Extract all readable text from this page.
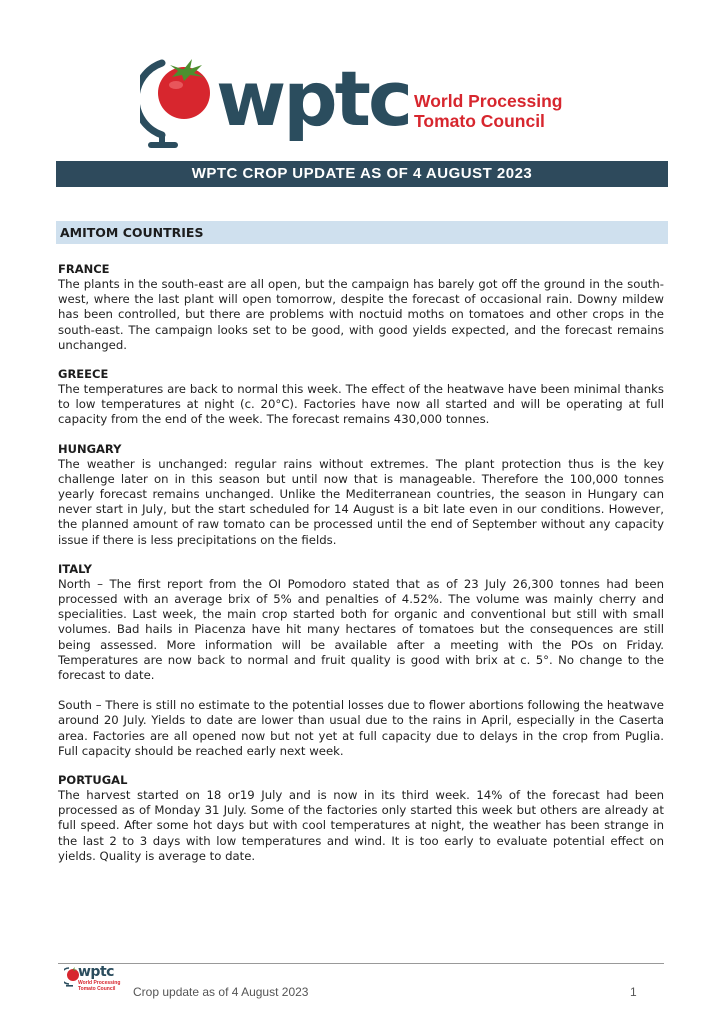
wptc World Processing
Tomato Council
WPTC CROP UPDATE AS OF 4 AUGUST 2023
AMITOM COUNTRIES
FRANCE

The plants in the south-east are all open, but the campaign has barely got off the ground in the south-west, where the last plant will open tomorrow, despite the forecast of occasional rain. Downy mildew has been controlled, but there are problems with noctuid moths on tomatoes and other crops in the south-east. The campaign looks set to be good, with good yields expected, and the forecast remains unchanged.

GREECE

The temperatures are back to normal this week. The effect of the heatwave have been minimal thanks to low temperatures at night (c. 20°C). Factories have now all started and will be operating at full capacity from the end of the week. The forecast remains 430,000 tonnes.

HUNGARY

The weather is unchanged: regular rains without extremes. The plant protection thus is the key challenge later on in this season but until now that is manageable. Therefore the 100,000 tonnes yearly forecast remains unchanged. Unlike the Mediterranean countries, the season in Hungary can never start in July, but the start scheduled for 14 August is a bit late even in our conditions. However, the planned amount of raw tomato can be processed until the end of September without any capacity issue if there is less precipitations on the fields.

ITALY

North – The first report from the OI Pomodoro stated that as of 23 July 26,300 tonnes had been processed with an average brix of 5% and penalties of 4.52%. The volume was mainly cherry and specialities. Last week, the main crop started both for organic and conventional but still with small volumes. Bad hails in Piacenza have hit many hectares of tomatoes but the consequences are still being assessed. More information will be available after a meeting with the POs on Friday. Temperatures are now back to normal and fruit quality is good with brix at c. 5°. No change to the forecast to date.

South – There is still no estimate to the potential losses due to flower abortions following the heatwave around 20 July. Yields to date are lower than usual due to the rains in April, especially in the Caserta area. Factories are all opened now but not yet at full capacity due to delays in the crop from Puglia. Full capacity should be reached early next week.

PORTUGAL

The harvest started on 18 or19 July and is now in its third week. 14% of the forecast had been processed as of Monday 31 July. Some of the factories only started this week but others are already at full speed. After some hot days but with cool temperatures at night, the weather has been strange in the last 2 to 3 days with low temperatures and wind. It is too early to evaluate potential effect on yields. Quality is average to date.

wptc
World Processing
Tomato Council	Crop update as of 4 August 2023	1
